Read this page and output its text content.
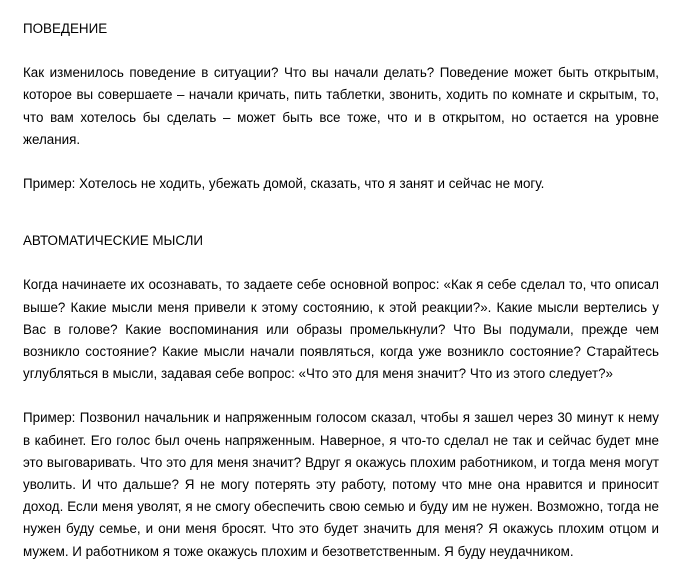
ПОВЕДЕНИЕ

Как изменилось поведение в ситуации? Что вы начали делать? Поведение может быть открытым, которое вы совершаете – начали кричать, пить таблетки, звонить, ходить по комнате и скрытым, то, что вам хотелось бы сделать – может быть все тоже, что и в открытом, но остается на уровне желания.

Пример: Хотелось не ходить, убежать домой, сказать, что я занят и сейчас не могу.

АВТОМАТИЧЕСКИЕ МЫСЛИ

Когда начинаете их осознавать, то задаете себе основной вопрос: «Как я себе сделал то, что описал выше? Какие мысли меня привели к этому состоянию, к этой реакции?». Какие мысли вертелись у Вас в голове? Какие воспоминания или образы промелькнули? Что Вы подумали, прежде чем возникло состояние? Какие мысли начали появляться, когда уже возникло состояние? Старайтесь углубляться в мысли, задавая себе вопрос: «Что это для меня значит? Что из этого следует?»

Пример: Позвонил начальник и напряженным голосом сказал, чтобы я зашел через 30 минут к нему в кабинет. Его голос был очень напряженным. Наверное, я что-то сделал не так и сейчас будет мне это выговаривать. Что это для меня значит? Вдруг я окажусь плохим работником, и тогда меня могут уволить. И что дальше? Я не могу потерять эту работу, потому что мне она нравится и приносит доход. Если меня уволят, я не смогу обеспечить свою семью и буду им не нужен. Возможно, тогда не нужен буду семье, и они меня бросят. Что это будет значить для меня? Я окажусь плохим отцом и мужем. И работником я тоже окажусь плохим и безответственным. Я буду неудачником.
